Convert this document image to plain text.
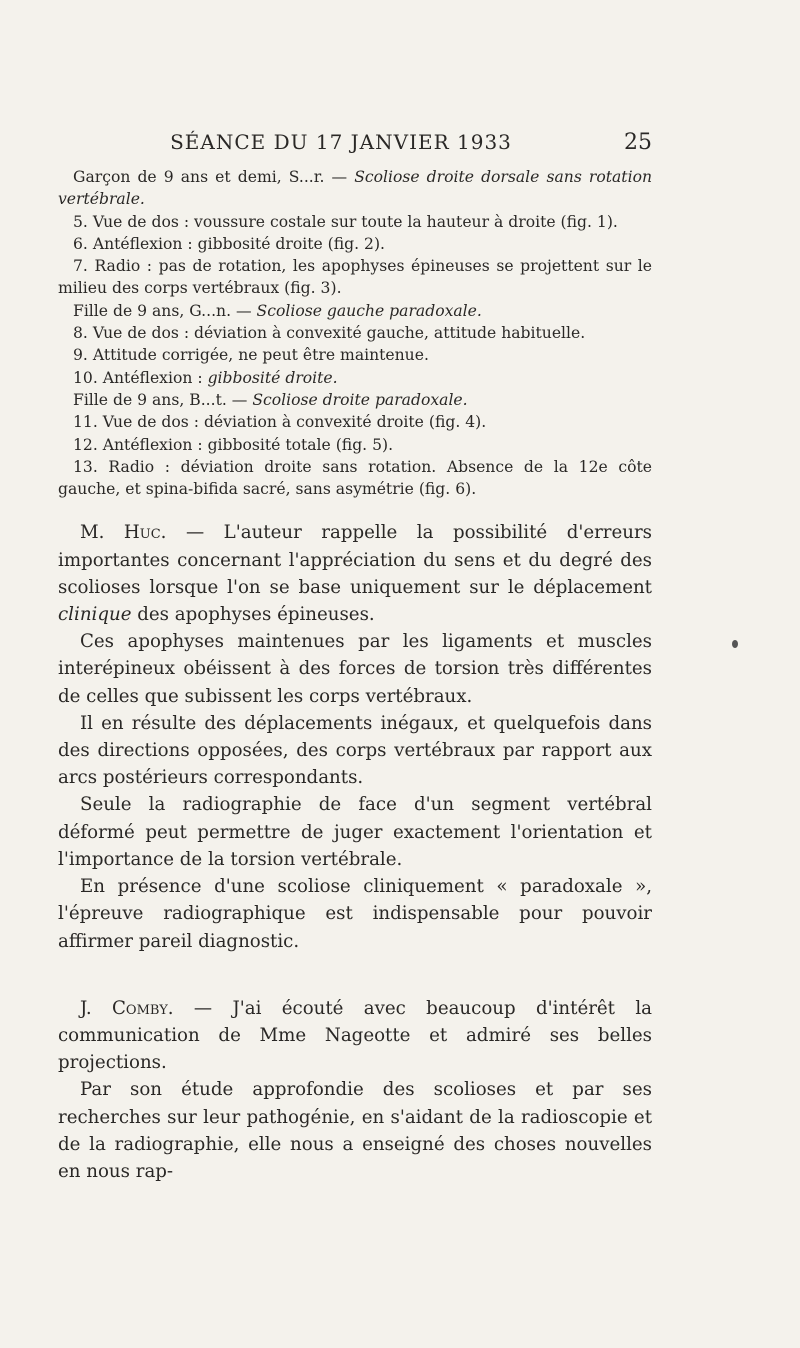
SÉANCE DU 17 JANVIER 1933	25

Garçon de 9 ans et demi, S...r. — Scoliose droite dorsale sans rotation vertébrale.

5. Vue de dos : voussure costale sur toute la hauteur à droite (fig. 1).

6. Antéflexion : gibbosité droite (fig. 2).

7. Radio : pas de rotation, les apophyses épineuses se projettent sur le milieu des corps vertébraux (fig. 3).

Fille de 9 ans, G...n. — Scoliose gauche paradoxale.

8. Vue de dos : déviation à convexité gauche, attitude habituelle.

9. Attitude corrigée, ne peut être maintenue.

10. Antéflexion : gibbosité droite.

Fille de 9 ans, B...t. — Scoliose droite paradoxale.

11. Vue de dos : déviation à convexité droite (fig. 4).

12. Antéflexion : gibbosité totale (fig. 5).

13. Radio : déviation droite sans rotation. Absence de la 12e côte gauche, et spina-bifida sacré, sans asymétrie (fig. 6).

M. Huc. — L'auteur rappelle la possibilité d'erreurs importantes concernant l'appréciation du sens et du degré des scolioses lorsque l'on se base uniquement sur le déplacement clinique des apophyses épineuses.

Ces apophyses maintenues par les ligaments et muscles interépineux obéissent à des forces de torsion très différentes de celles que subissent les corps vertébraux.

Il en résulte des déplacements inégaux, et quelquefois dans des directions opposées, des corps vertébraux par rapport aux arcs postérieurs correspondants.

Seule la radiographie de face d'un segment vertébral déformé peut permettre de juger exactement l'orientation et l'importance de la torsion vertébrale.

En présence d'une scoliose cliniquement « paradoxale », l'épreuve radiographique est indispensable pour pouvoir affirmer pareil diagnostic.

J. Comby. — J'ai écouté avec beaucoup d'intérêt la communication de Mme Nageotte et admiré ses belles projections.

Par son étude approfondie des scolioses et par ses recherches sur leur pathogénie, en s'aidant de la radioscopie et de la radiographie, elle nous a enseigné des choses nouvelles en nous rap-
